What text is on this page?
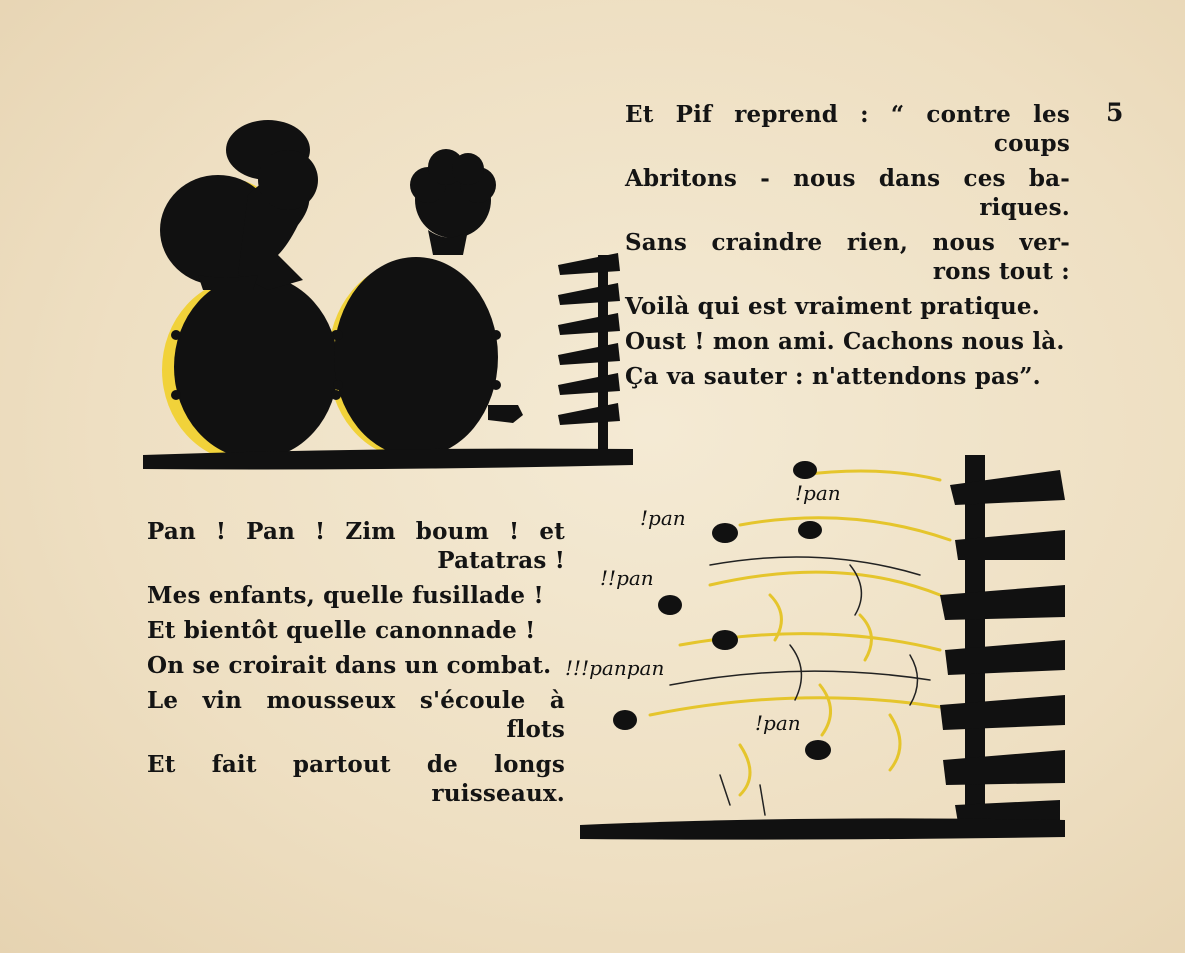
5
Et Pif reprend : “ contre les
coups
Abritons - nous dans ces ba-
riques.
Sans craindre rien, nous ver-
rons tout :
Voilà qui est vraiment pratique.
Oust ! mon ami. Cachons nous là.
Ça va sauter : n'attendons pas”.
Pan ! Pan ! Zim boum ! et
Patatras !
Mes enfants, quelle fusillade !
Et bientôt quelle canonnade !
On se croirait dans un combat.
Le vin mousseux s'écoule à
flots
Et fait partout de longs
ruisseaux.
!pan
!pan
!!pan
!!!panpan
!pan
